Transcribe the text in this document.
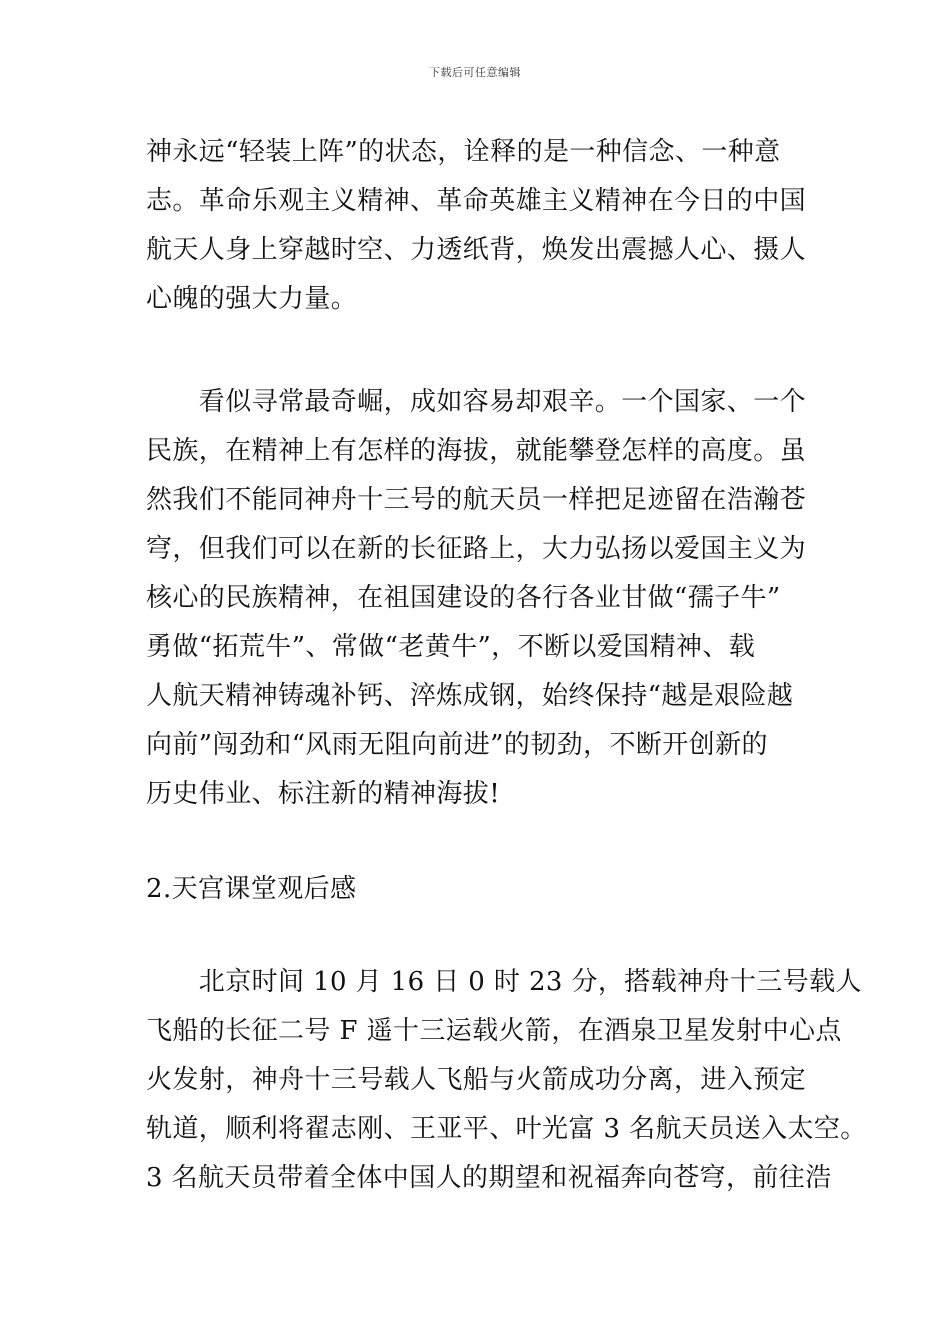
下载后可任意编辑
神永远“轻装上阵”的状态，诠释的是一种信念、一种意
志。革命乐观主义精神、革命英雄主义精神在今日的中国
航天人身上穿越时空、力透纸背，焕发出震撼人心、摄人
心魄的强大力量。
　　看似寻常最奇崛，成如容易却艰辛。一个国家、一个
民族，在精神上有怎样的海拔，就能攀登怎样的高度。虽
然我们不能同神舟十三号的航天员一样把足迹留在浩瀚苍
穹，但我们可以在新的长征路上，大力弘扬以爱国主义为
核心的民族精神，在祖国建设的各行各业甘做“孺子牛”
勇做“拓荒牛”、常做“老黄牛”，不断以爱国精神、载
人航天精神铸魂补钙、淬炼成钢，始终保持“越是艰险越
向前”闯劲和“风雨无阻向前进”的韧劲，不断开创新的
历史伟业、标注新的精神海拔!
2.天宫课堂观后感
　　北京时间 10 月 16 日 0 时 23 分，搭载神舟十三号载人
飞船的长征二号 F 遥十三运载火箭，在酒泉卫星发射中心点
火发射，神舟十三号载人飞船与火箭成功分离，进入预定
轨道，顺利将翟志刚、王亚平、叶光富 3 名航天员送入太空。
3 名航天员带着全体中国人的期望和祝福奔向苍穹，前往浩
